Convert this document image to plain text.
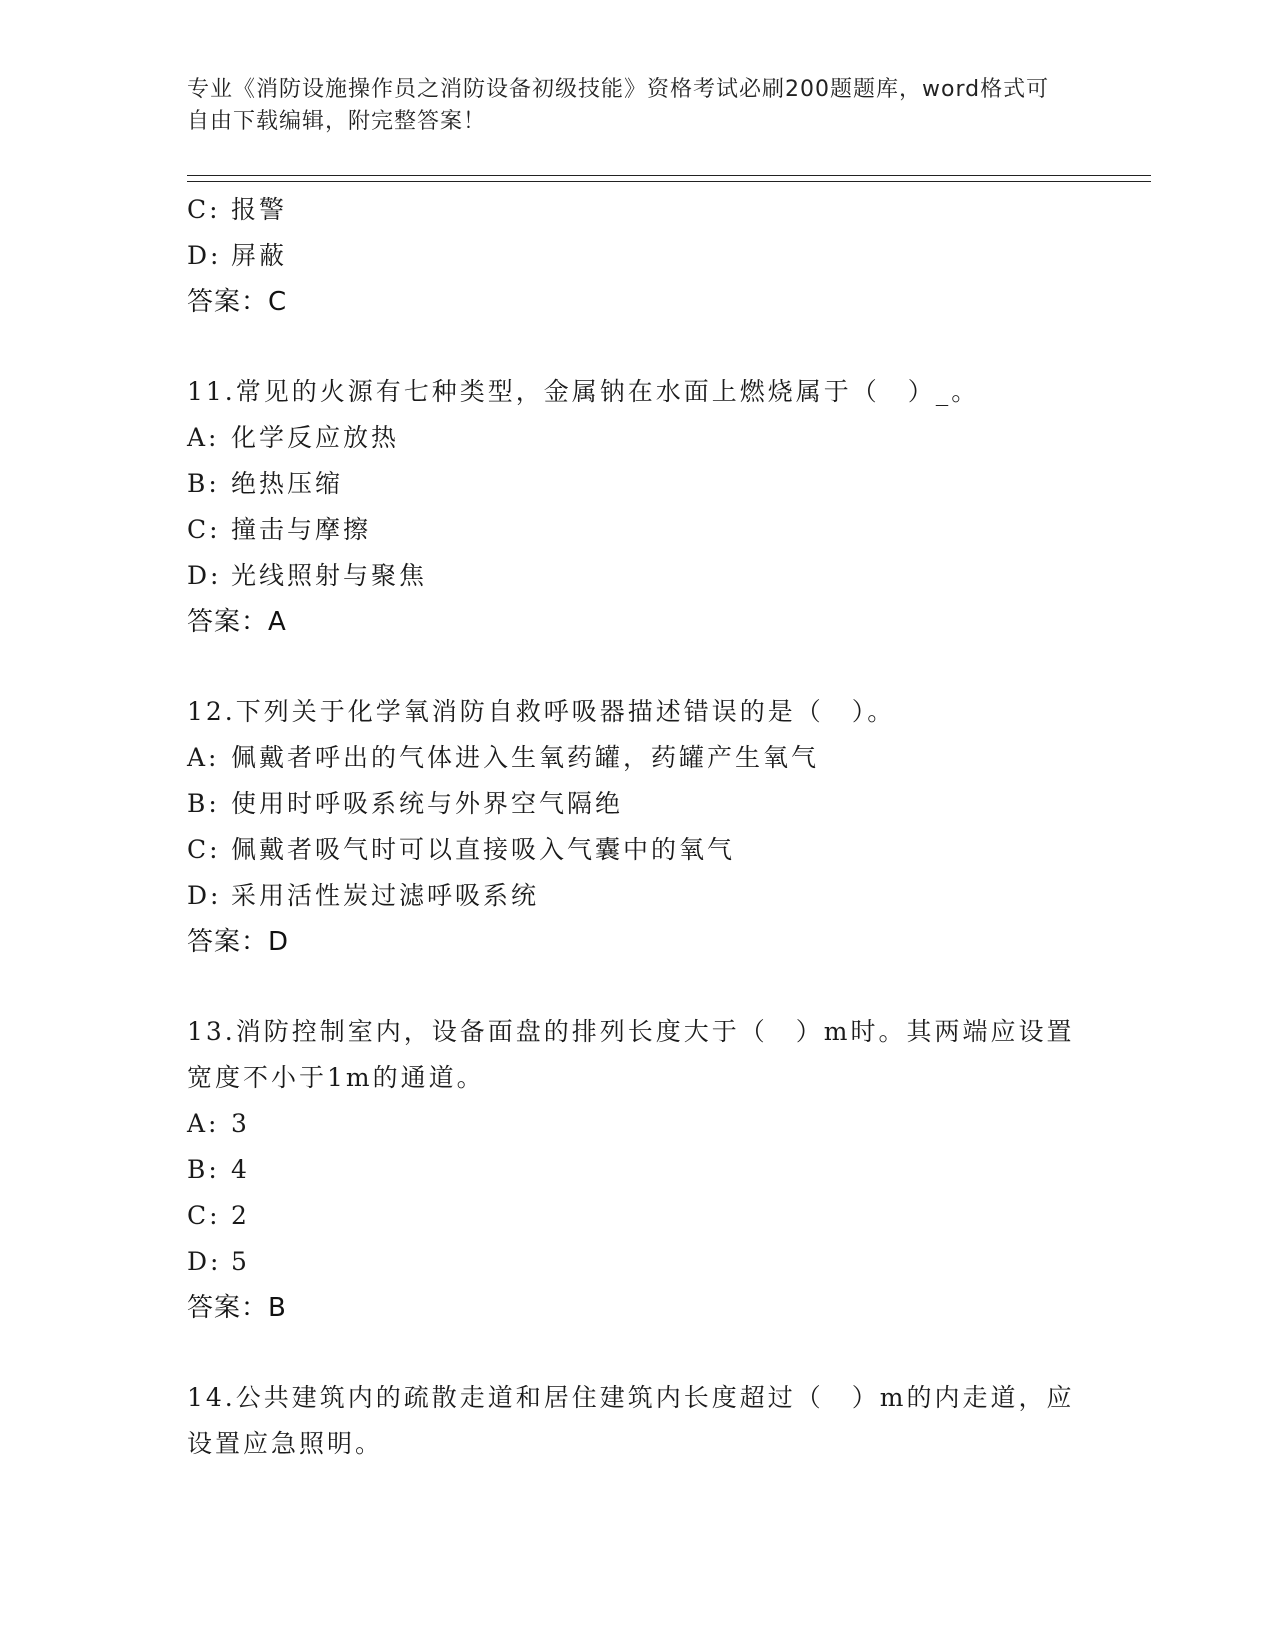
专业《消防设施操作员之消防设备初级技能》资格考试必刷200题题库，word格式可自由下载编辑，附完整答案！
C: 报警
D: 屏蔽
答案：C
11.常见的火源有七种类型，金属钠在水面上燃烧属于（　）_。
A: 化学反应放热
B: 绝热压缩
C: 撞击与摩擦
D: 光线照射与聚焦
答案：A
12.下列关于化学氧消防自救呼吸器描述错误的是（　）。
A: 佩戴者呼出的气体进入生氧药罐，药罐产生氧气
B: 使用时呼吸系统与外界空气隔绝
C: 佩戴者吸气时可以直接吸入气囊中的氧气
D: 采用活性炭过滤呼吸系统
答案：D
13.消防控制室内，设备面盘的排列长度大于（　）m时。其两端应设置宽度不小于1m的通道。
A: 3
B: 4
C: 2
D: 5
答案：B
14.公共建筑内的疏散走道和居住建筑内长度超过（　）m的内走道，应设置应急照明。
